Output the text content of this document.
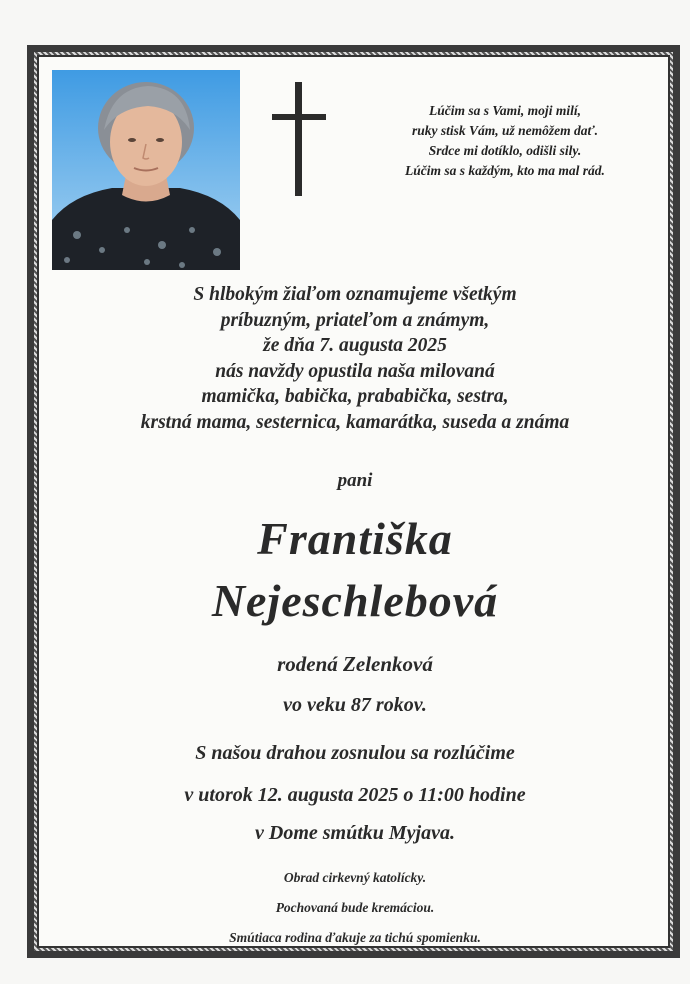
Lúčim sa s Vami, moji milí,
ruky stisk Vám, už nemôžem dať.
Srdce mi dotíklo, odišli sily.
Lúčim sa s každým, kto ma mal rád.
S hlbokým žiaľom oznamujeme všetkým
príbuzným, priateľom a známym,
že dňa 7. augusta 2025
nás navždy opustila naša milovaná
mamička, babička, prababička, sestra,
krstná mama, sesternica, kamarátka, suseda a známa
pani
Františka
Nejeschlebová
rodená Zelenková
vo veku 87 rokov.
S našou drahou zosnulou sa rozlúčime
v utorok 12. augusta 2025 o 11:00 hodine
v Dome smútku Myjava.
Obrad cirkevný katolícky.
Pochovaná bude kremáciou.
Smútiaca rodina ďakuje za tichú spomienku.
